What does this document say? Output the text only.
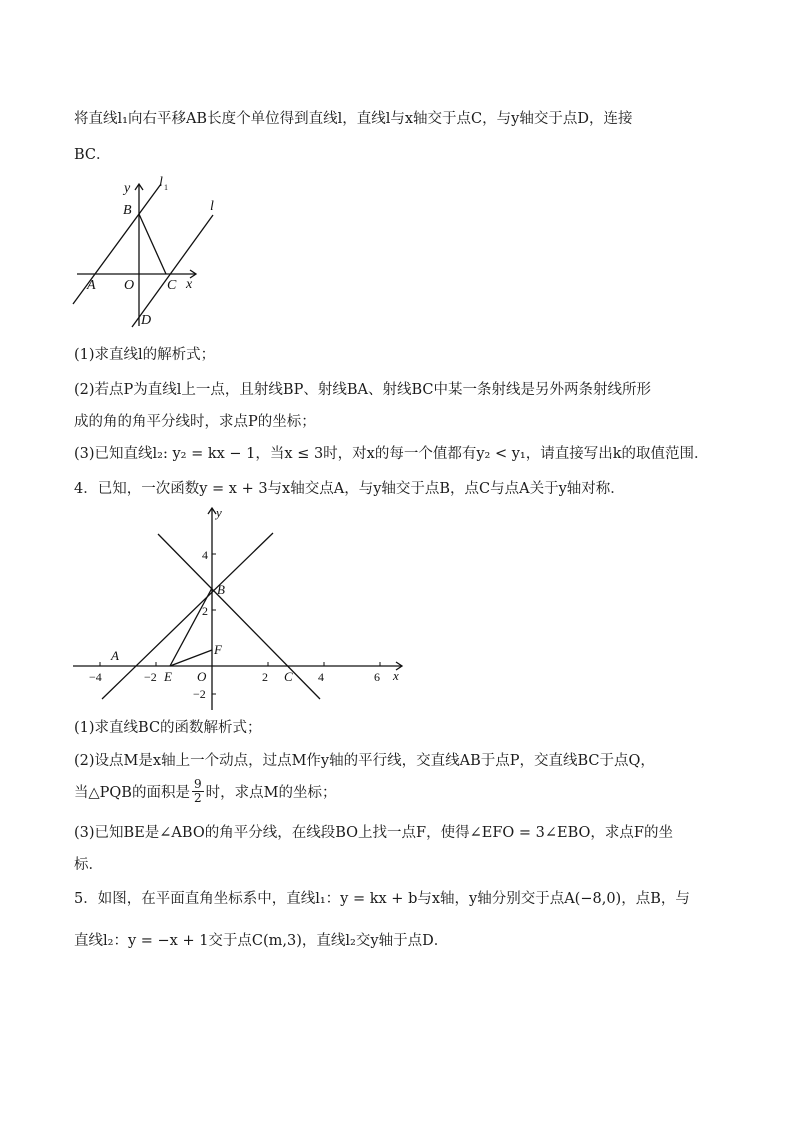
将直线l₁向右平移AB长度个单位得到直线l，直线l与x轴交于点C，与y轴交于点D，连接
BC．
y l 1
l
B
A O C x
D
(1)求直线l的解析式；
(2)若点P为直线l上一点，且射线BP、射线BA、射线BC中某一条射线是另外两条射线所形
成的角的角平分线时，求点P的坐标；
(3)已知直线l₂: y₂ = kx − 1，当x ≤ 3时，对x的每一个值都有y₂ < y₁，请直接写出k的取值范围．
4．已知，一次函数y = x + 3与x轴交点A，与y轴交于点B，点C与点A关于y轴对称．
−4	−2	2	4	6
4
2
−2
y
x
B
A	F
E O	C
(1)求直线BC的函数解析式；
(2)设点M是x轴上一个动点，过点M作y轴的平行线，交直线AB于点P，交直线BC于点Q，
当△PQB的面积是 $\frac{9}{2}$ 时，求点M的坐标；
(3)已知BE是∠ABO的角平分线，在线段BO上找一点F，使得∠EFO = 3∠EBO，求点F的坐
标．
5．如图，在平面直角坐标系中，直线l₁：y = kx + b与x轴，y轴分别交于点A(−8,0)，点B，与
直线l₂：y = −x + 1交于点C(m,3)，直线l₂交y轴于点D．
